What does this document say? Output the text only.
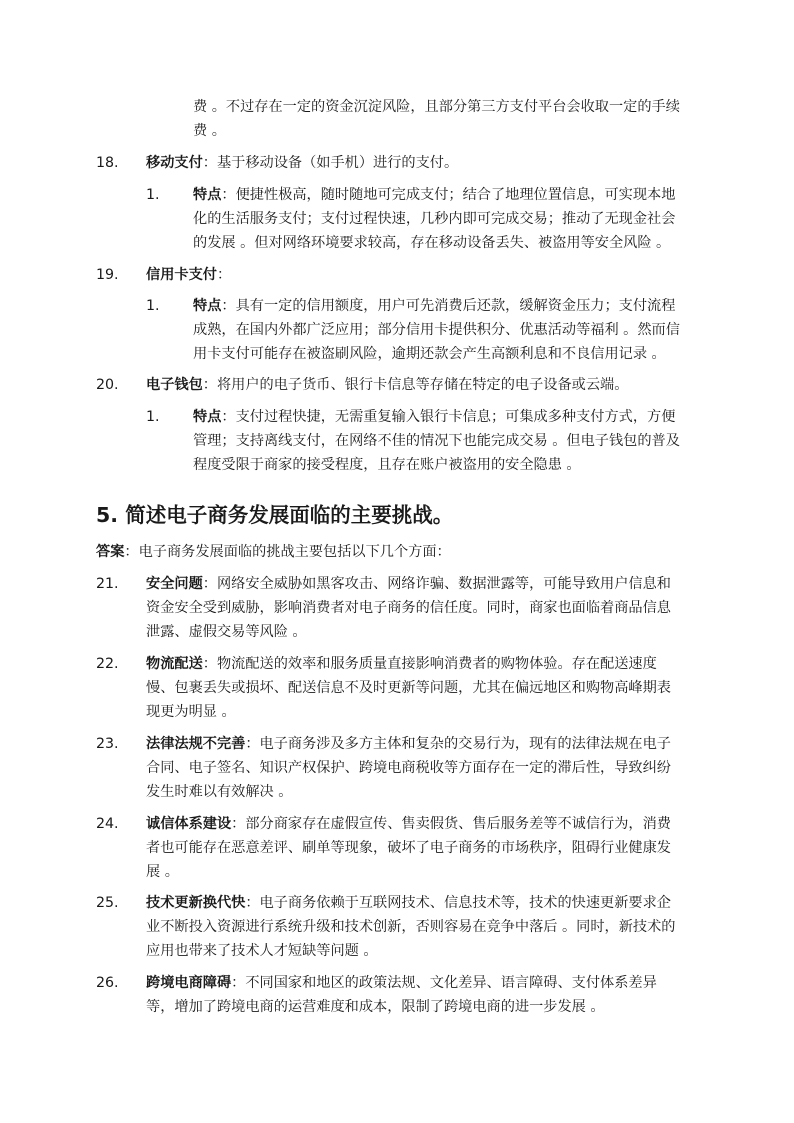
费 。不过存在一定的资金沉淀风险，且部分第三方支付平台会收取一定的手续
费 。
18. 移动支付：基于移动设备（如手机）进行的支付。
1. 特点：便捷性极高，随时随地可完成支付；结合了地理位置信息，可实现本地
化的生活服务支付；支付过程快速，几秒内即可完成交易；推动了无现金社会
的发展 。但对网络环境要求较高，存在移动设备丢失、被盗用等安全风险 。
19. 信用卡支付：
1. 特点：具有一定的信用额度，用户可先消费后还款，缓解资金压力；支付流程
成熟，在国内外都广泛应用；部分信用卡提供积分、优惠活动等福利 。然而信
用卡支付可能存在被盗刷风险，逾期还款会产生高额利息和不良信用记录 。
20. 电子钱包：将用户的电子货币、银行卡信息等存储在特定的电子设备或云端。
1. 特点：支付过程快捷，无需重复输入银行卡信息；可集成多种支付方式，方便
管理；支持离线支付，在网络不佳的情况下也能完成交易 。但电子钱包的普及
程度受限于商家的接受程度，且存在账户被盗用的安全隐患 。
5. 简述电子商务发展面临的主要挑战。
答案：电子商务发展面临的挑战主要包括以下几个方面：
21. 安全问题：网络安全威胁如黑客攻击、网络诈骗、数据泄露等，可能导致用户信息和
资金安全受到威胁，影响消费者对电子商务的信任度。同时，商家也面临着商品信息
泄露、虚假交易等风险 。
22. 物流配送：物流配送的效率和服务质量直接影响消费者的购物体验。存在配送速度
慢、包裹丢失或损坏、配送信息不及时更新等问题，尤其在偏远地区和购物高峰期表
现更为明显 。
23. 法律法规不完善：电子商务涉及多方主体和复杂的交易行为，现有的法律法规在电子
合同、电子签名、知识产权保护、跨境电商税收等方面存在一定的滞后性，导致纠纷
发生时难以有效解决 。
24. 诚信体系建设：部分商家存在虚假宣传、售卖假货、售后服务差等不诚信行为，消费
者也可能存在恶意差评、刷单等现象，破坏了电子商务的市场秩序，阻碍行业健康发
展 。
25. 技术更新换代快：电子商务依赖于互联网技术、信息技术等，技术的快速更新要求企
业不断投入资源进行系统升级和技术创新，否则容易在竞争中落后 。同时，新技术的
应用也带来了技术人才短缺等问题 。
26. 跨境电商障碍：不同国家和地区的政策法规、文化差异、语言障碍、支付体系差异
等，增加了跨境电商的运营难度和成本，限制了跨境电商的进一步发展 。
